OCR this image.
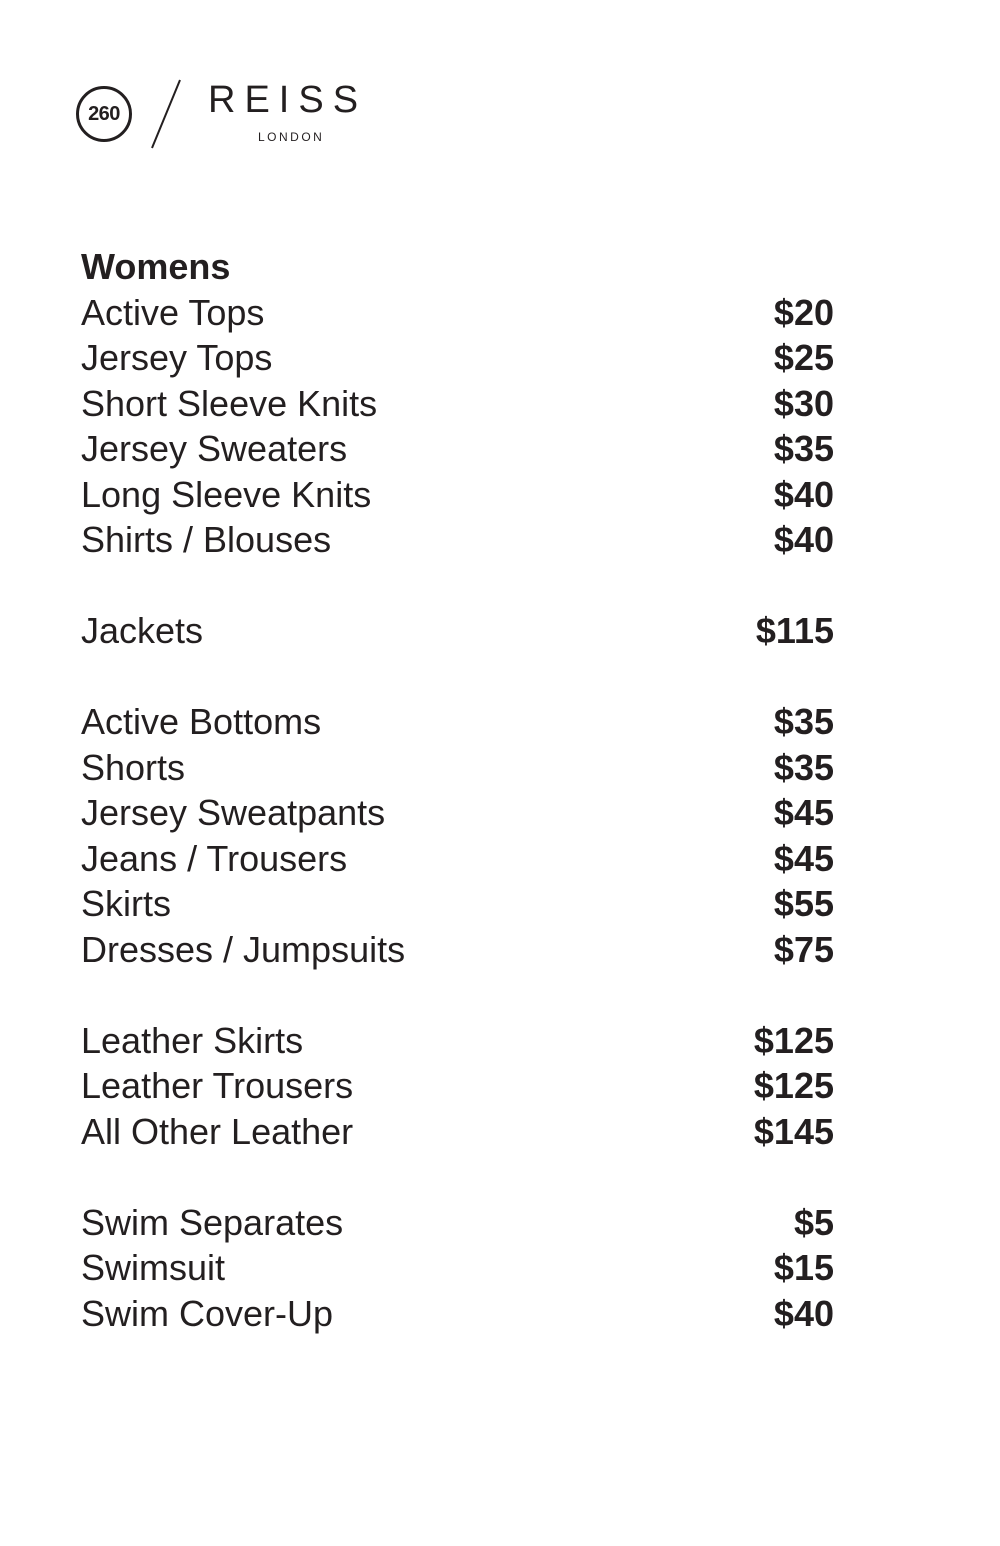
260 REISS
LONDON
Womens
Active Tops	$20
Jersey Tops	$25
Short Sleeve Knits	$30
Jersey Sweaters	$35
Long Sleeve Knits	$40
Shirts / Blouses	$40
Jackets	$115
Active Bottoms	$35
Shorts	$35
Jersey Sweatpants	$45
Jeans / Trousers	$45
Skirts	$55
Dresses / Jumpsuits	$75
Leather Skirts	$125
Leather Trousers	$125
All Other Leather	$145
Swim Separates	$5
Swimsuit	$15
Swim Cover-Up	$40
